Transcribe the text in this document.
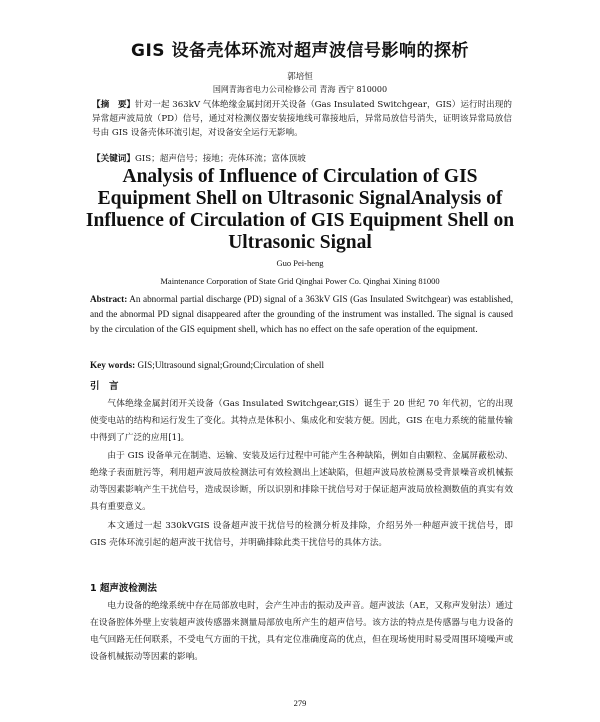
GIS 设备壳体环流对超声波信号影响的探析
郭培恒
国网青海省电力公司检修公司 青海 西宁 810000
【摘　要】针对一起 363kV 气体绝缘金属封闭开关设备（Gas Insulated Switchgear，GIS）运行时出现的异常超声波局放（PD）信号，通过对检测仪器安装接地线可靠接地后，异常局放信号消失，证明该异常局放信号由 GIS 设备壳体环流引起，对设备安全运行无影响。
【关键词】GIS；超声信号；接地；壳体环流；富体顶坡
Analysis of Influence of Circulation of GIS Equipment Shell on Ultrasonic SignalAnalysis of Influence of Circulation of GIS Equipment Shell on Ultrasonic Signal
Guo Pei-heng
Maintenance Corporation of State Grid Qinghai Power Co. Qinghai Xining 81000
Abstract: An abnormal partial discharge (PD) signal of a 363kV GIS (Gas Insulated Switchgear) was established, and the abnormal PD signal disappeared after the grounding of the instrument was installed. The signal is caused by the circulation of the GIS equipment shell, which has no effect on the safe operation of the equipment.
Key words: GIS;Ultrasound signal;Ground;Circulation of shell
引　言
气体绝缘金属封闭开关设备（Gas Insulated Switchgear,GIS）诞生于 20 世纪 70 年代初，它的出现使变电站的结构和运行发生了变化。其特点是体积小、集成化和安装方便。因此，GIS 在电力系统的能量传输中得到了广泛的应用[1]。
由于 GIS 设备单元在制造、运输、安装及运行过程中可能产生各种缺陷，例如自由颗粒、金属屏蔽松动、绝缘子表面脏污等，利用超声波局放检测法可有效检测出上述缺陷，但超声波局放检测易受背景噪音或机械振动等因素影响产生干扰信号，造成误诊断，所以识别和排除干扰信号对于保证超声波局放检测数值的真实有效具有重要意义。
本文通过一起 330kVGIS 设备超声波干扰信号的检测分析及排除，介绍另外一种超声波干扰信号，即 GIS 壳体环流引起的超声波干扰信号，并明确排除此类干扰信号的具体方法。
1 超声波检测法
电力设备的绝缘系统中存在局部放电时，会产生冲击的振动及声音。超声波法（AE，又称声发射法）通过在设备腔体外壁上安装超声波传感器来测量局部放电所产生的超声信号。该方法的特点是传感器与电力设备的电气回路无任何联系，不受电气方面的干扰，具有定位准确度高的优点，但在现场使用时易受周围环境噪声或设备机械振动等因素的影响。
279
